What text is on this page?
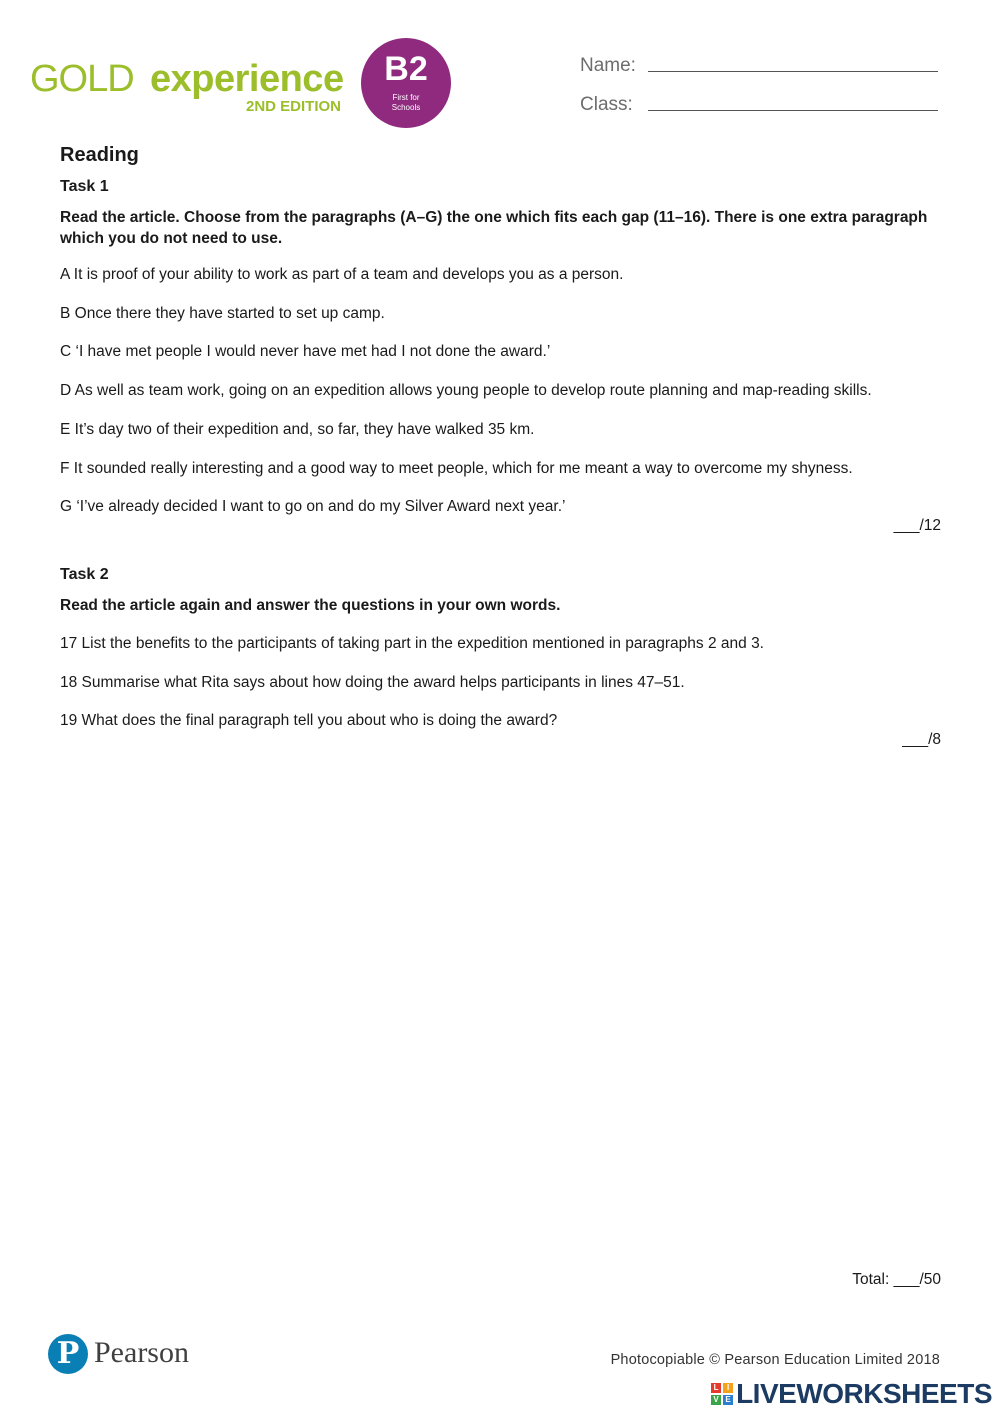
GOLD experience
2ND EDITION
B2
First for
Schools
Name:
Class:
Reading
Task 1
Read the article. Choose from the paragraphs (A–G) the one which fits each gap (11–16). There is one extra paragraph which you do not need to use.
A It is proof of your ability to work as part of a team and develops you as a person.
B Once there they have started to set up camp.
C ‘I have met people I would never have met had I not done the award.’
D As well as team work, going on an expedition allows young people to develop route planning and map-reading skills.
E It’s day two of their expedition and, so far, they have walked 35 km.
F It sounded really interesting and a good way to meet people, which for me meant a way to overcome my shyness.
G ‘I’ve already decided I want to go on and do my Silver Award next year.’
___/12
Task 2
Read the article again and answer the questions in your own words.
17 List the benefits to the participants of taking part in the expedition mentioned in paragraphs 2 and 3.
18 Summarise what Rita says about how doing the award helps participants in lines 47–51.
19 What does the final paragraph tell you about who is doing the award?
___/8
Total: ___/50
P Pearson	Photocopiable © Pearson Education Limited 2018
L	I
V E LIVEWORKSHEETS
